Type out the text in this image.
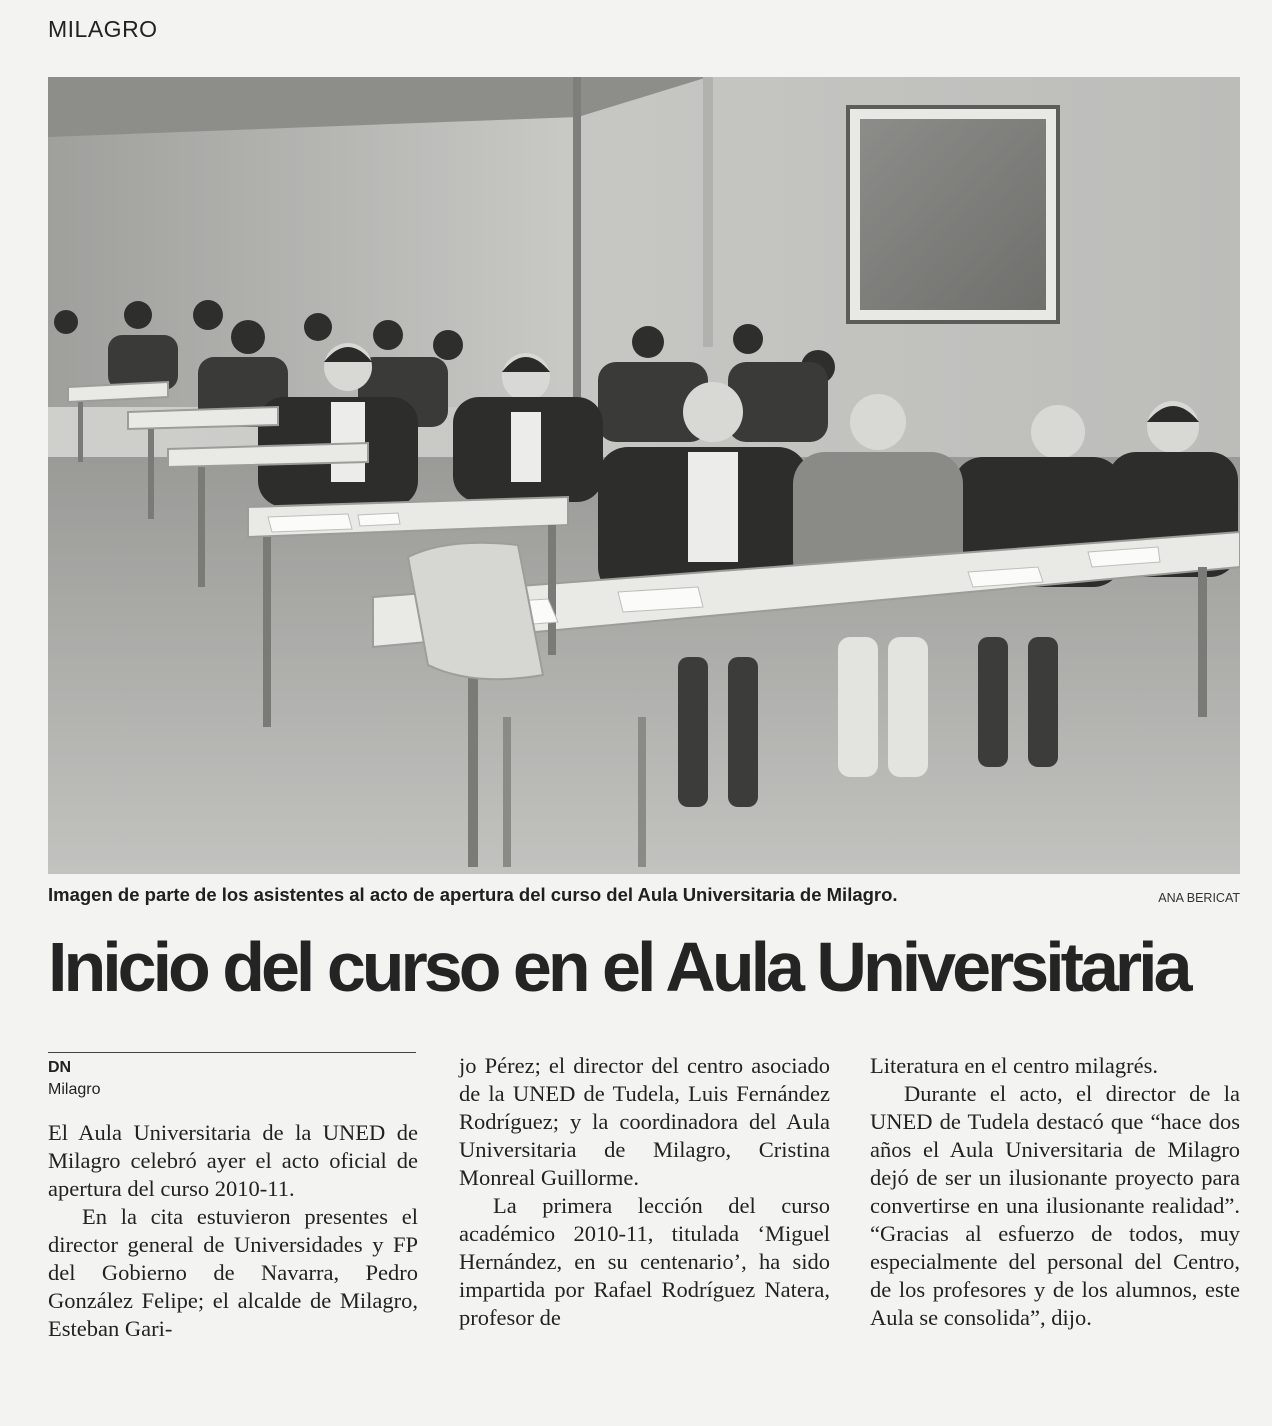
MILAGRO
Imagen de parte de los asistentes al acto de apertura del curso del Aula Universitaria de Milagro.	ANA BERICAT
Inicio del curso en el Aula Universitaria
DN
Milagro

El Aula Universitaria de la UNED de Milagro celebró ayer el acto oficial de apertura del curso 2010-11.

En la cita estuvieron presentes el director general de Universidades y FP del Gobierno de Navarra, Pedro González Felipe; el alcalde de Milagro, Esteban Gari-

jo Pérez; el director del centro asociado de la UNED de Tudela, Luis Fernández Rodríguez; y la coordinadora del Aula Universitaria de Milagro, Cristina Monreal Guillorme.

La primera lección del curso académico 2010-11, titulada ‘Miguel Hernández, en su centenario’, ha sido impartida por Rafael Rodríguez Natera, profesor de

Literatura en el centro milagrés.

Durante el acto, el director de la UNED de Tudela destacó que “hace dos años el Aula Universitaria de Milagro dejó de ser un ilusionante proyecto para convertirse en una ilusionante realidad”. “Gracias al esfuerzo de todos, muy especialmente del personal del Centro, de los profesores y de los alumnos, este Aula se consolida”, dijo.
